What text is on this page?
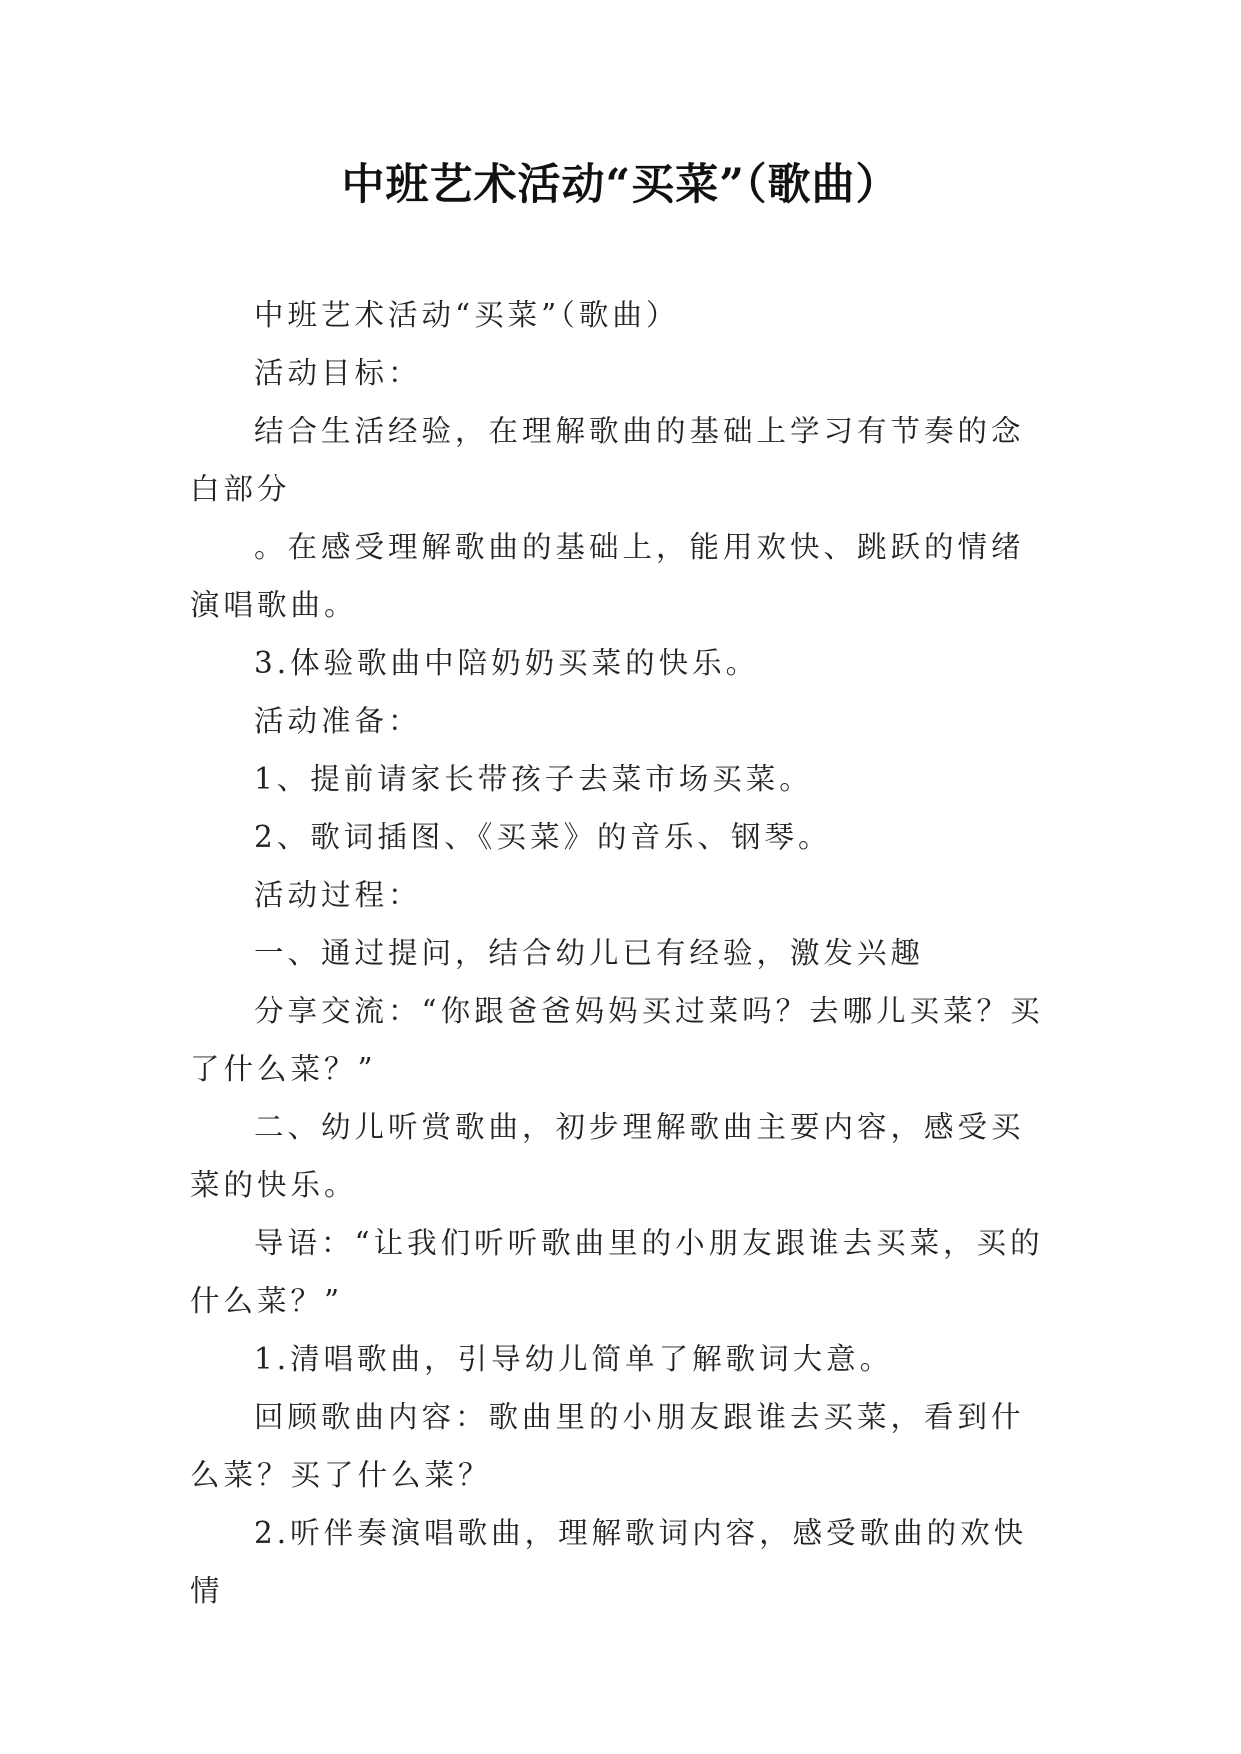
中班艺术活动“买菜”（歌曲）

中班艺术活动“买菜”（歌曲）

活动目标：

结合生活经验，在理解歌曲的基础上学习有节奏的念白部分

。在感受理解歌曲的基础上，能用欢快、跳跃的情绪演唱歌曲。

3.体验歌曲中陪奶奶买菜的快乐。

活动准备：

1、提前请家长带孩子去菜市场买菜。

2、歌词插图、《买菜》的音乐、钢琴。

活动过程：

一、通过提问，结合幼儿已有经验，激发兴趣

分享交流：“你跟爸爸妈妈买过菜吗？去哪儿买菜？买了什么菜？”

二、幼儿听赏歌曲，初步理解歌曲主要内容，感受买菜的快乐。

导语：“让我们听听歌曲里的小朋友跟谁去买菜，买的什么菜？”

1.清唱歌曲，引导幼儿简单了解歌词大意。

回顾歌曲内容：歌曲里的小朋友跟谁去买菜，看到什么菜？买了什么菜？

2.听伴奏演唱歌曲，理解歌词内容，感受歌曲的欢快情
